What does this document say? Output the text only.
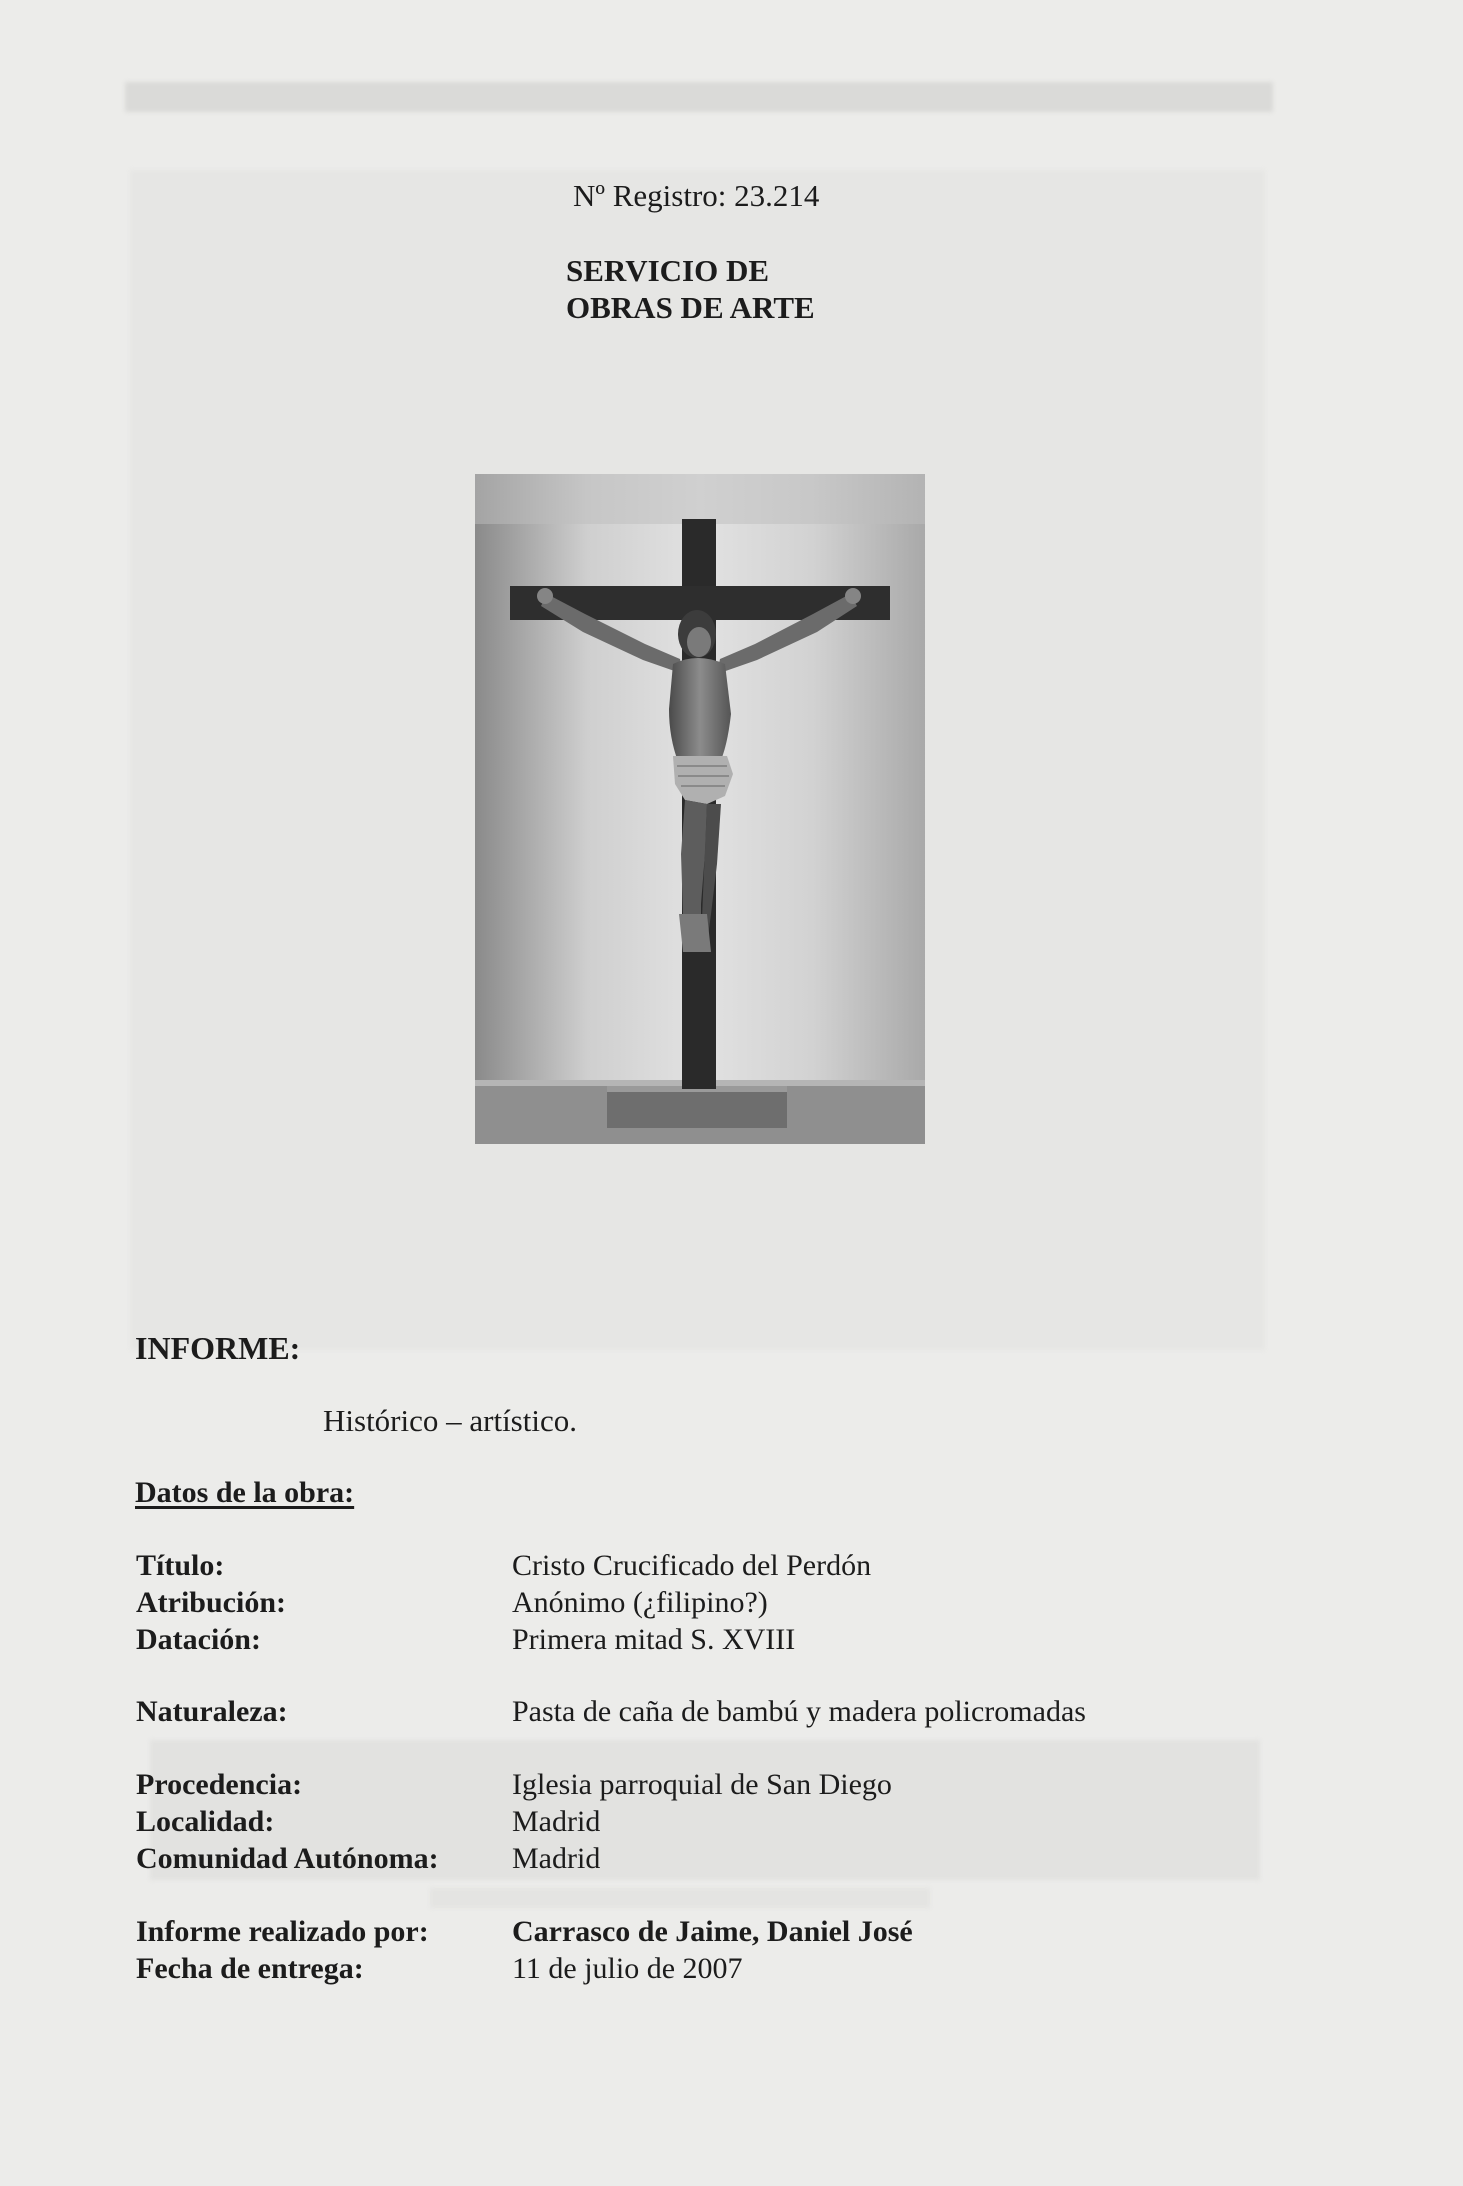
Nº Registro: 23.214
SERVICIO DE
OBRAS DE ARTE
INFORME:
Histórico – artístico.
Datos de la obra:
Título:	Cristo Crucificado del Perdón
Atribución:	Anónimo (¿filipino?)
Datación:	Primera mitad S. XVIII
Naturaleza:	Pasta de caña de bambú y madera policromadas
Procedencia:	Iglesia parroquial de San Diego
Localidad:	Madrid
Comunidad Autónoma: Madrid
Informe realizado por:	Carrasco de Jaime, Daniel José
Fecha de entrega:	11 de julio de 2007
